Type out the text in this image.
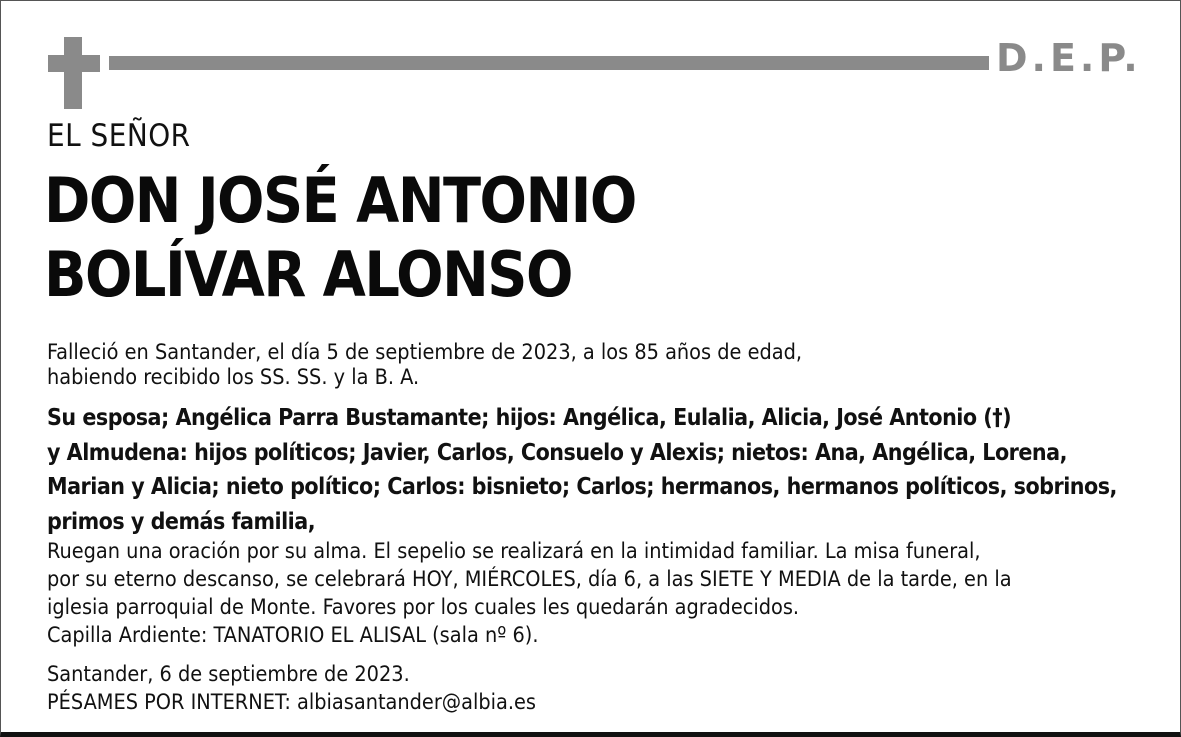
D.E.P.
EL SEÑOR
DON JOSÉ ANTONIO
BOLÍVAR ALONSO
Falleció en Santander, el día 5 de septiembre de 2023, a los 85 años de edad,
habiendo recibido los SS. SS. y la B. A.
Su esposa; Angélica Parra Bustamante; hijos: Angélica, Eulalia, Alicia, José Antonio (†)
y Almudena: hijos políticos; Javier, Carlos, Consuelo y Alexis; nietos: Ana, Angélica, Lorena,
Marian y Alicia; nieto político; Carlos: bisnieto; Carlos; hermanos, hermanos políticos, sobrinos,
primos y demás familia,
Ruegan una oración por su alma. El sepelio se realizará en la intimidad familiar. La misa funeral,
por su eterno descanso, se celebrará HOY, MIÉRCOLES, día 6, a las SIETE Y MEDIA de la tarde, en la
iglesia parroquial de Monte. Favores por los cuales les quedarán agradecidos.
Capilla Ardiente: TANATORIO EL ALISAL (sala nº 6).
Santander, 6 de septiembre de 2023.
PÉSAMES POR INTERNET: albiasantander@albia.es
